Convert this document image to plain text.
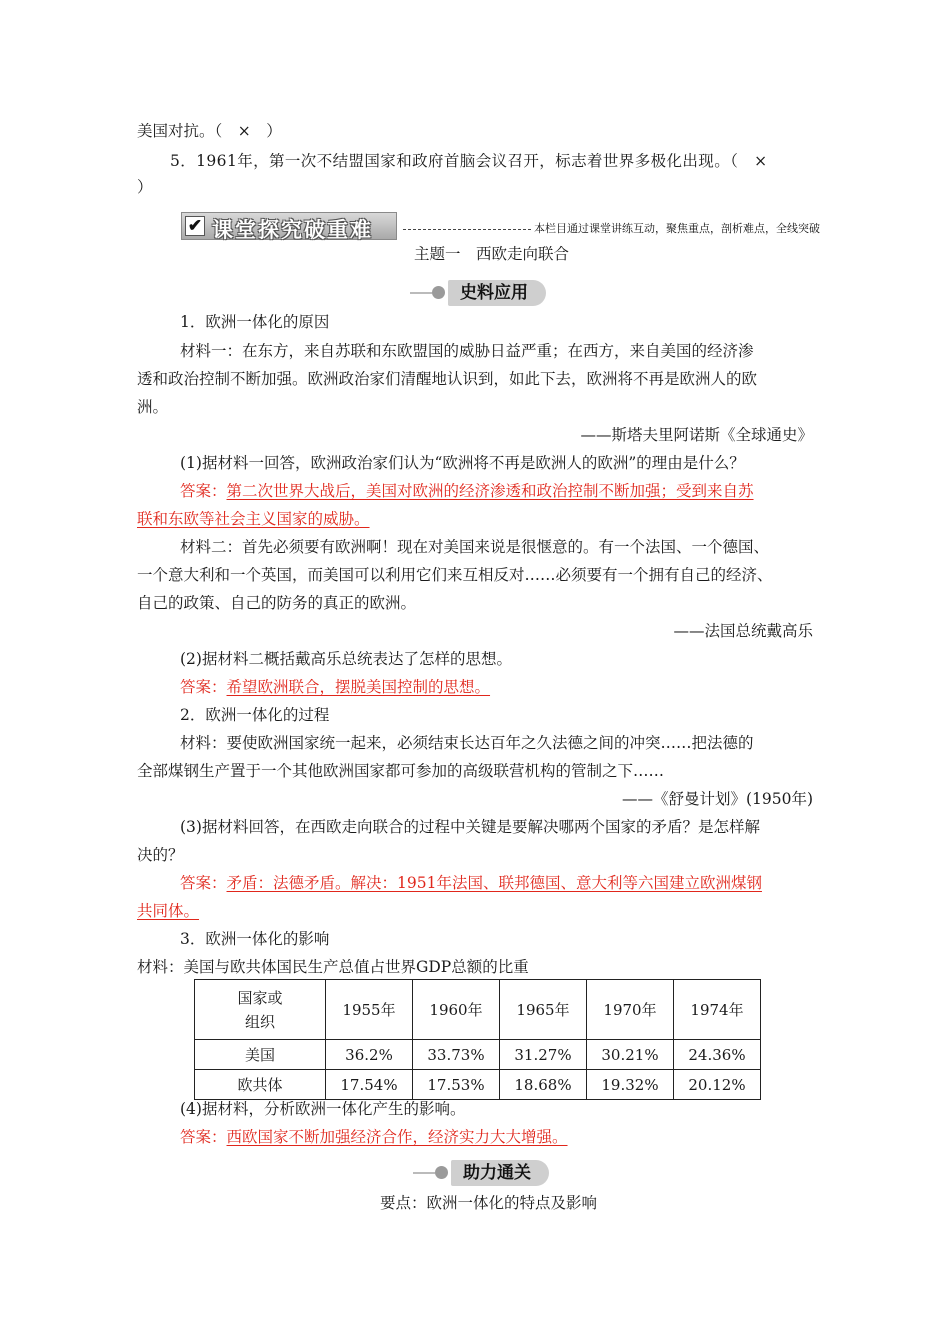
美国对抗。（　×　）
5．1961年，第一次不结盟国家和政府首脑会议召开，标志着世界多极化出现。（　×
）
✔ 课堂探究破重难	本栏目通过课堂讲练互动，聚焦重点，剖析难点，全线突破
主题一　西欧走向联合
史料应用
1．欧洲一体化的原因
材料一：在东方，来自苏联和东欧盟国的威胁日益严重；在西方，来自美国的经济渗
透和政治控制不断加强。欧洲政治家们清醒地认识到，如此下去，欧洲将不再是欧洲人的欧
洲。
——斯塔夫里阿诺斯《全球通史》
(1)据材料一回答，欧洲政治家们认为“欧洲将不再是欧洲人的欧洲”的理由是什么？
答案：第二次世界大战后，美国对欧洲的经济渗透和政治控制不断加强；受到来自苏
联和东欧等社会主义国家的威胁。
材料二：首先必须要有欧洲啊！现在对美国来说是很惬意的。有一个法国、一个德国、
一个意大利和一个英国，而美国可以利用它们来互相反对……必须要有一个拥有自己的经济、
自己的政策、自己的防务的真正的欧洲。
——法国总统戴高乐
(2)据材料二概括戴高乐总统表达了怎样的思想。
答案：希望欧洲联合，摆脱美国控制的思想。
2．欧洲一体化的过程
材料：要使欧洲国家统一起来，必须结束长达百年之久法德之间的冲突……把法德的
全部煤钢生产置于一个其他欧洲国家都可参加的高级联营机构的管制之下……
——《舒曼计划》(1950年)
(3)据材料回答，在西欧走向联合的过程中关键是要解决哪两个国家的矛盾？是怎样解
决的？
答案：矛盾：法德矛盾。解决：1951年法国、联邦德国、意大利等六国建立欧洲煤钢
共同体。
3．欧洲一体化的影响
材料：美国与欧共体国民生产总值占世界GDP总额的比重
国家或
组织	1955年	1960年	1965年	1970年	1974年
美国	36.2%	33.73%	31.27%	30.21%	24.36%
欧共体	17.54%	17.53%	18.68%	19.32%	20.12%
(4)据材料，分析欧洲一体化产生的影响。
答案：西欧国家不断加强经济合作，经济实力大大增强。
助力通关
要点：欧洲一体化的特点及影响
